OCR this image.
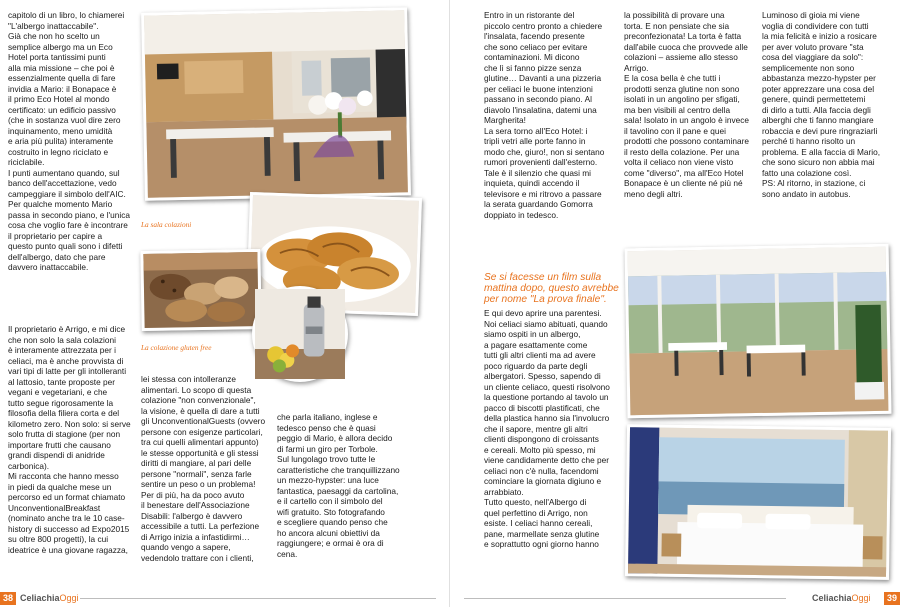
capitolo di un libro, lo chiamerei
"L'albergo inattaccabile".
Già che non ho scelto un
semplice albergo ma un Eco
Hotel porta tantissimi punti
alla mia missione – che poi è
essenzialmente quella di farе
invidia a Mario: il Bonapace è
il primo Eco Hotel al mondo
certificato: un edificio passivo
(che in sostanza vuol dire zero
inquinamento, meno umidità
e aria più pulita) interamente
costruito in legno riciclato e
riciclabile.
I punti aumentano quando, sul
banco dell'accettazione, vedo
campeggiare il simbolo dell'AIC.
Per qualche momento Mario
passa in secondo piano, e l'unica
cosa che voglio fare è incontrare
il proprietario per capire a
questo punto quali sono i difetti
dell'albergo, dato che pare
davvero inattaccabile.
Il proprietario è Arrigo, e mi dice
che non solo la sala colazioni
è interamente attrezzata per i
celiaci, ma è anche provvista di
vari tipi di latte per gli intolleranti
al lattosio, tante proposte per
vegani e vegetariani, e che
tutto segue rigorosamente la
filosofia della filiera corta e del
kilometro zero. Non solo: si serve
solo frutta di stagione (per non
importare frutti che causano
grandi dispendi di anidride
carbonica).
Mi racconta che hanno messo
in piedi da qualche mese un
percorso ed un format chiamato
UnconventionalBreakfast
(nominato anche tra le 10 case-
history di successo ad Expo2015
su oltre 800 progetti), la cui
ideatrice è una giovane ragazza,
lei stessa con intolleranze
alimentari. Lo scopo di questa
colazione "non convenzionale",
la visione, è quella di dare a tutti
gli UnconventionalGuests (ovvero
persone con esigenze particolari,
tra cui quelli alimentari appunto)
le stesse opportunità e gli stessi
diritti di mangiare, al pari delle
persone "normali", senza farle
sentire un peso o un problema!
Per di più, ha da poco avuto
il benestare dell'Associazione
Disabili: l'albergo è davvero
accessibile a tutti. La perfezione
di Arrigo inizia a infastidirmi…
quando vengo a sapere,
vedendolo trattare con i clienti,
che parla italiano, inglese e
tedesco penso che è quasi
peggio di Mario, è allora decido
di farmi un giro per Torbole.
Sul lungolago trovo tutte le
caratteristiche che tranquillizzano
un mezzo-hypster: una luce
fantastica, paesaggi da cartolina,
e il cartello con il simbolo del
wifi gratuito. Sto fotografando
e scegliere quando penso che
ho ancora alcuni obiettivi da
raggiungere; e ormai è ora di
cena.
La sala colazioni
La colazione gluten free
38 CeliachiaOggi
Entro in un ristorante del
piccolo centro pronto a chiedere
l'insalata, facendo presente
che sono celiaco per evitare
contaminazioni. Mi dicono
che lì si fanno pizze senza
glutine… Davanti a una pizzeria
per celiaci le buone intenzioni
passano in secondo piano. Al
diavolo l'insalatina, datemi una
Margherita!
La sera torno all'Eco Hotel: i
tripli vetri alle porte fanno in
modo che, giuro!, non si sentano
rumori provenienti dall'esterno.
Tale è il silenzio che quasi mi
inquieta, quindi accendo il
televisore e mi ritrovo a passare
la serata guardando Gomorra
doppiato in tedesco.
Se si facesse un film sulla
mattina dopo, questo avrebbe
per nome "La prova finale".
E qui devo aprire una parentesi.
Noi celiaci siamo abituati, quando
siamo ospiti in un albergo,
a pagare esattamente come
tutti gli altri clienti ma ad avere
poco riguardo da parte degli
albergatori. Spesso, sapendo di
un cliente celiaco, questi risolvono
la questione portando al tavolo un
pacco di biscotti plastificati, che
della plastica hanno sia l'involucro
che il sapore, mentre gli altri
clienti dispongono di croissants
e cereali. Molto più spesso, mi
viene candidamente detto che per
celiaci non c'è nulla, facendomi
cominciare la giornata digiuno e
arrabbiato.
Tutto questo, nell'Albergo di
quel perfettino di Arrigo, non
esiste. I celiaci hanno cereali,
pane, marmellate senza glutine
e soprattutto ogni giorno hanno
la possibilità di provare una
torta. E non pensiate che sia
preconfezionata! La torta è fatta
dall'abile cuoca che provvede alle
colazioni – assieme allo stesso
Arrigo.
E la cosa bella è che tutti i
prodotti senza glutine non sono
isolati in un angolino per sfigati,
ma ben visibili al centro della
sala! Isolato in un angolo è invece
il tavolino con il pane e quei
prodotti che possono contaminare
il resto della colazione. Per una
volta il celiaco non viene visto
come "diverso", ma all'Eco Hotel
Bonapace è un cliente né più né
meno degli altri.
Luminoso di gioia mi viene
voglia di condividere con tutti
la mia felicità e inizio a rosicare
per aver voluto provare "sta
cosa del viaggiare da solo":
semplicemente non sono
abbastanza mezzo-hypster per
poter apprezzare una cosa del
genere, quindi permettetemi
di dirlo a tutti. Alla faccia degli
alberghi che ti fanno mangiare
robaccia e devi pure ringraziarli
perché ti hanno risolto un
problema. E alla faccia di Mario,
che sono sicuro non abbia mai
fatto una colazione così.
PS: Al ritorno, in stazione, ci
sono andato in autobus.
CeliachiaOggi	39
